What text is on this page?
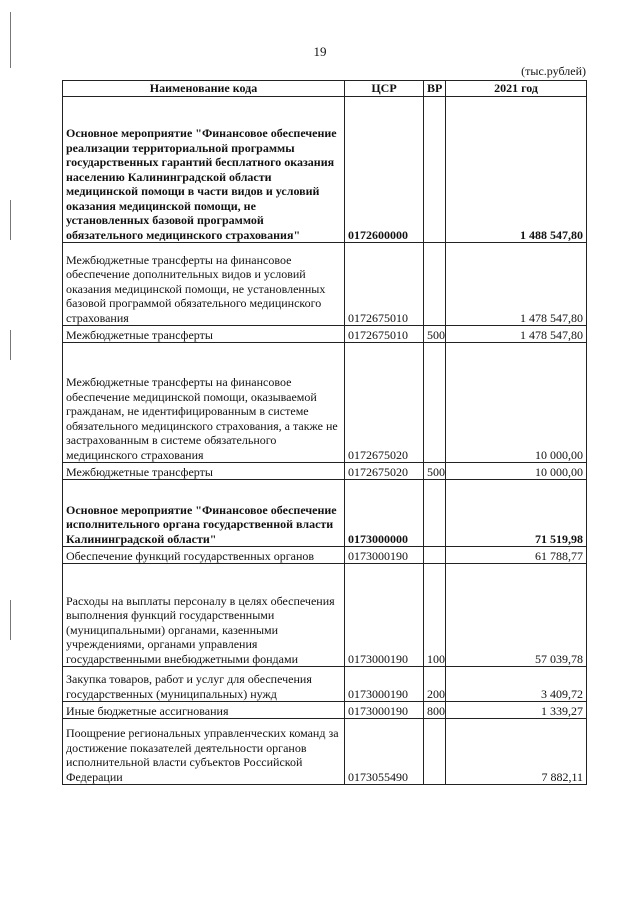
19
(тыс.рублей)
Наименование кода	ЦСР	ВР	2021 год
Основное мероприятие "Финансовое обеспечение реализации территориальной программы государственных гарантий бесплатного оказания населению Калининградской области медицинской помощи в части видов и условий оказания медицинской помощи, не установленных базовой программой обязательного медицинского страхования"	0172600000		1 488 547,80
Межбюджетные трансферты на финансовое обеспечение дополнительных видов и условий оказания медицинской помощи, не установленных базовой программой обязательного медицинского страхования	0172675010		1 478 547,80
Межбюджетные трансферты	0172675010	500	1 478 547,80
Межбюджетные трансферты на финансовое обеспечение медицинской помощи, оказываемой гражданам, не идентифицированным в системе обязательного медицинского страхования, а также не застрахованным в системе обязательного медицинского страхования	0172675020		10 000,00
Межбюджетные трансферты	0172675020	500	10 000,00
Основное мероприятие "Финансовое обеспечение исполнительного органа государственной власти Калининградской области"	0173000000		71 519,98
Обеспечение функций государственных органов	0173000190		61 788,77
Расходы на выплаты персоналу в целях обеспечения выполнения функций государственными (муниципальными) органами, казенными учреждениями, органами управления государственными внебюджетными фондами	0173000190	100	57 039,78
Закупка товаров, работ и услуг для обеспечения государственных (муниципальных) нужд	0173000190	200	3 409,72
Иные бюджетные ассигнования	0173000190	800	1 339,27
Поощрение региональных управленческих команд за достижение показателей деятельности органов исполнительной власти субъектов Российской Федерации	0173055490		7 882,11
